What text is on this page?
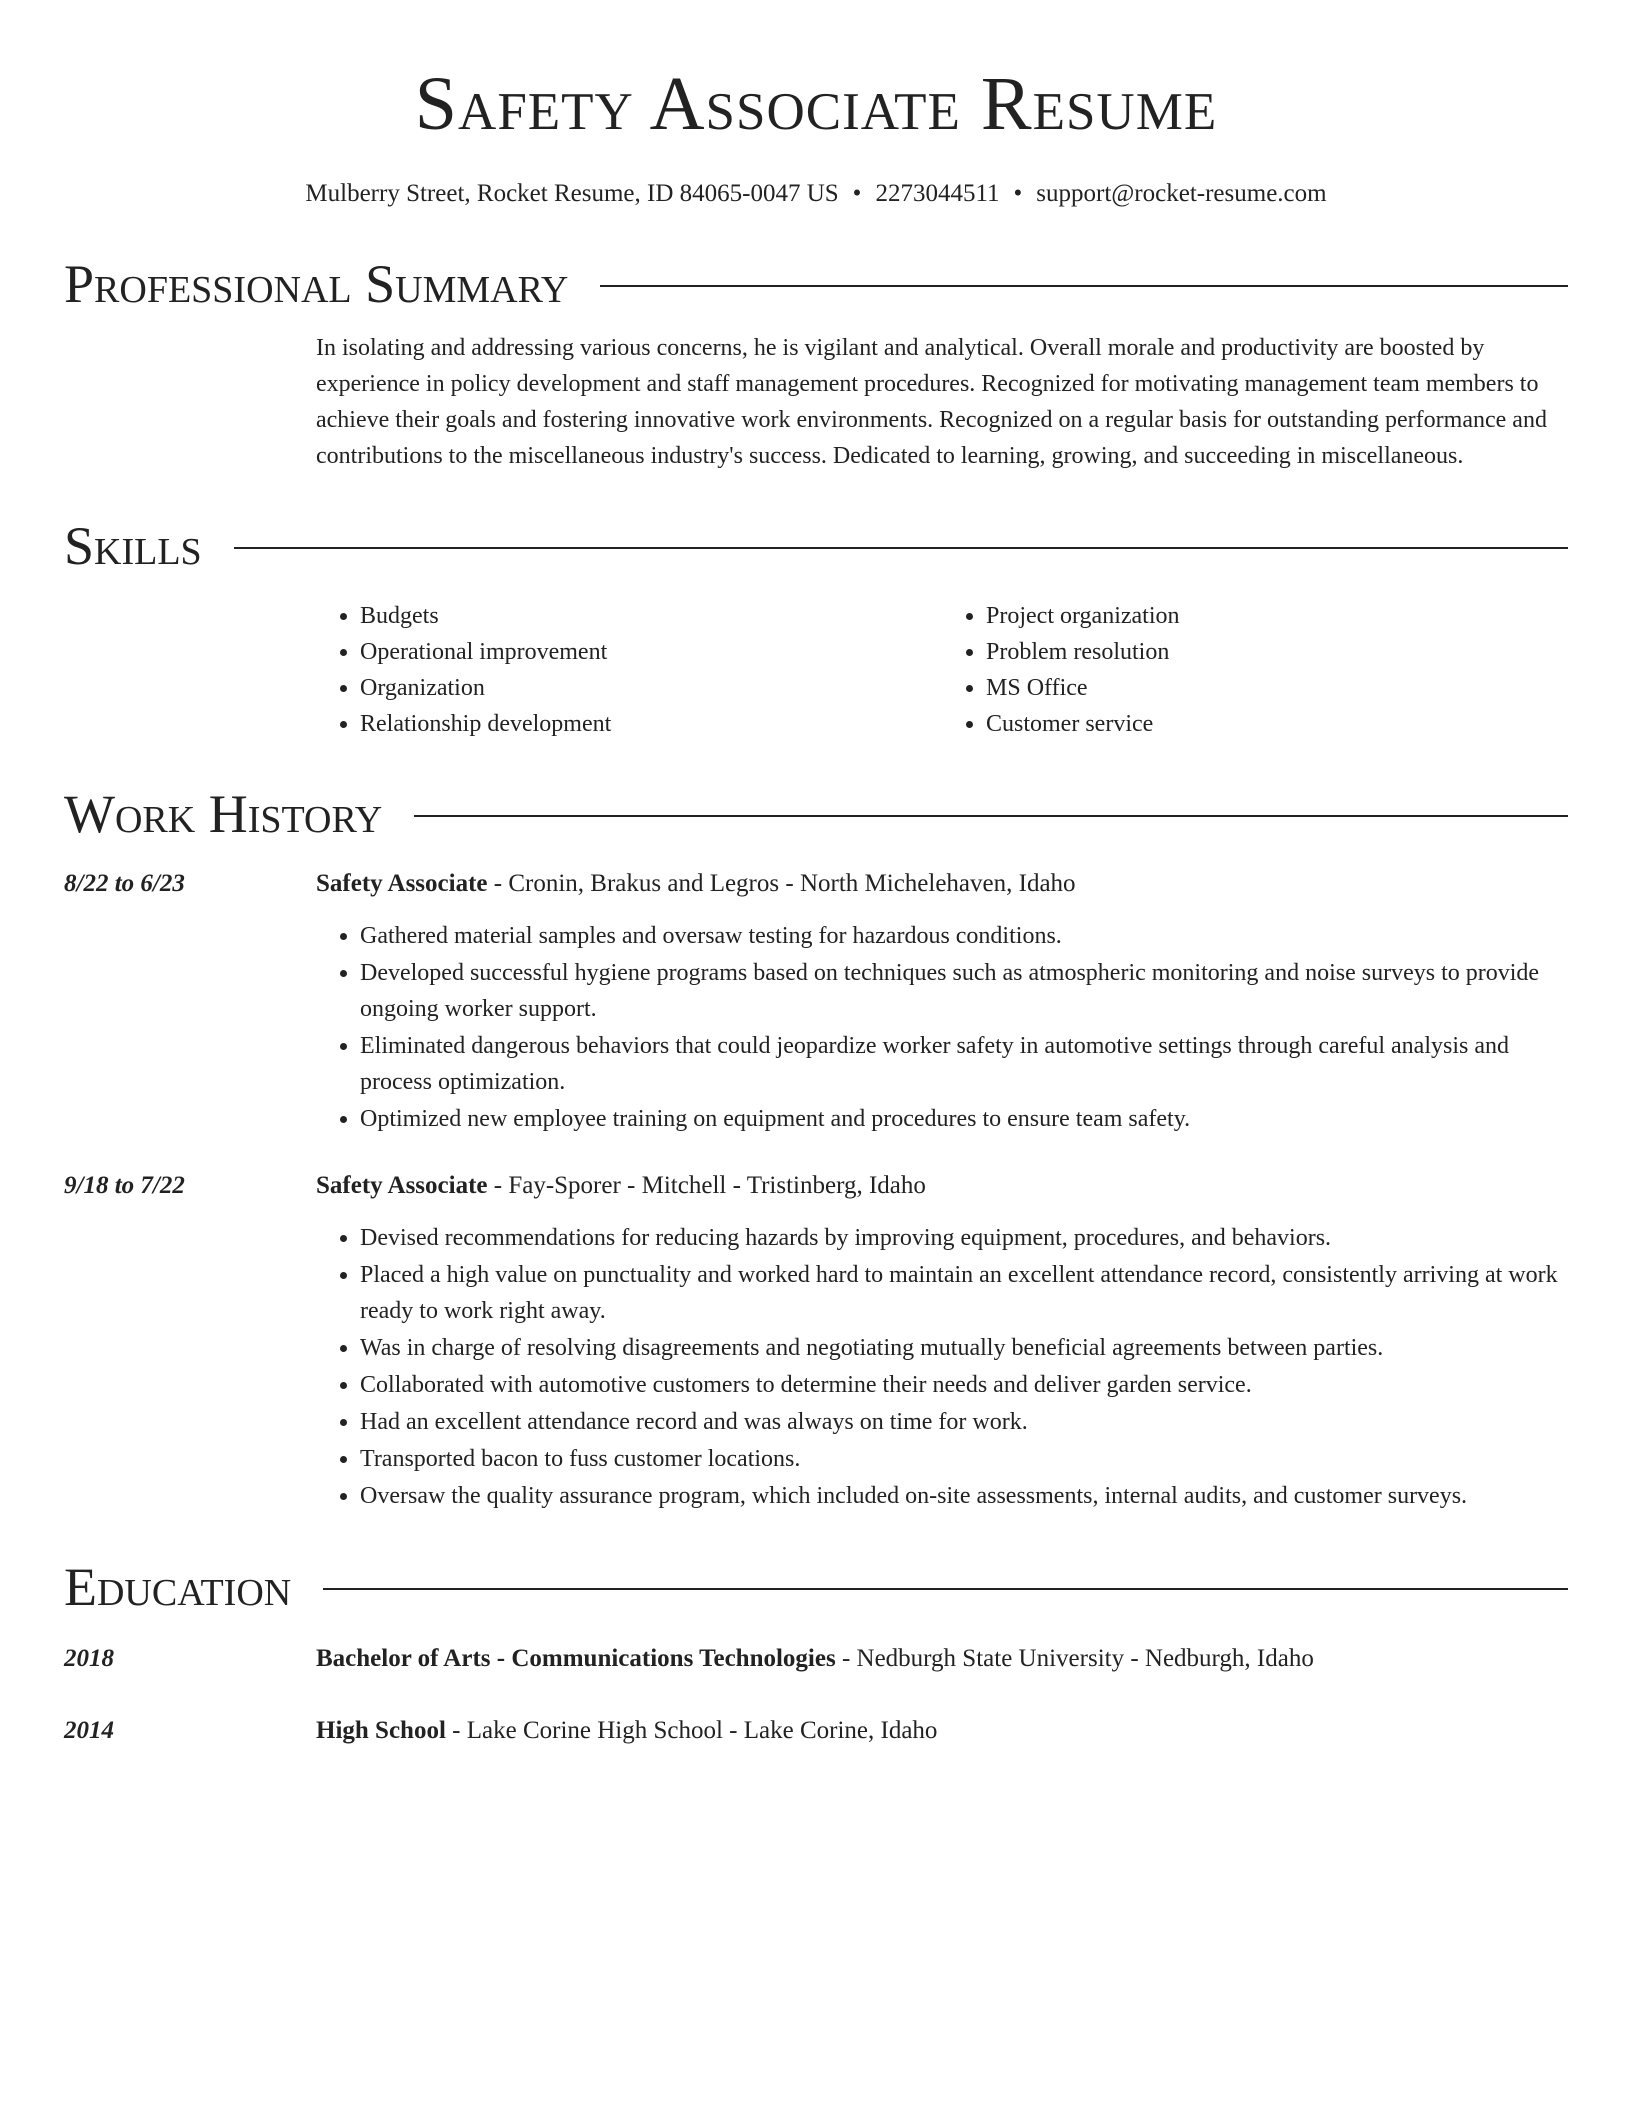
Safety Associate Resume
Mulberry Street, Rocket Resume, ID 84065-0047 US • 2273044511 • support@rocket-resume.com
Professional Summary
In isolating and addressing various concerns, he is vigilant and analytical. Overall morale and productivity are boosted by experience in policy development and staff management procedures. Recognized for motivating management team members to achieve their goals and fostering innovative work environments. Recognized on a regular basis for outstanding performance and contributions to the miscellaneous industry's success. Dedicated to learning, growing, and succeeding in miscellaneous.
Skills
• Budgets
• Operational improvement
• Organization
• Relationship development
• Project organization
• Problem resolution
• MS Office
• Customer service
Work History
8/22 to 6/23	Safety Associate - Cronin, Brakus and Legros - North Michelehaven, Idaho
• Gathered material samples and oversaw testing for hazardous conditions.
• Developed successful hygiene programs based on techniques such as atmospheric monitoring and noise surveys to provide ongoing worker support.
• Eliminated dangerous behaviors that could jeopardize worker safety in automotive settings through careful analysis and process optimization.
• Optimized new employee training on equipment and procedures to ensure team safety.
9/18 to 7/22	Safety Associate - Fay-Sporer - Mitchell - Tristinberg, Idaho
• Devised recommendations for reducing hazards by improving equipment, procedures, and behaviors.
• Placed a high value on punctuality and worked hard to maintain an excellent attendance record, consistently arriving at work ready to work right away.
• Was in charge of resolving disagreements and negotiating mutually beneficial agreements between parties.
• Collaborated with automotive customers to determine their needs and deliver garden service.
• Had an excellent attendance record and was always on time for work.
• Transported bacon to fuss customer locations.
• Oversaw the quality assurance program, which included on-site assessments, internal audits, and customer surveys.
Education
2018	Bachelor of Arts - Communications Technologies - Nedburgh State University - Nedburgh, Idaho
2014	High School - Lake Corine High School - Lake Corine, Idaho
